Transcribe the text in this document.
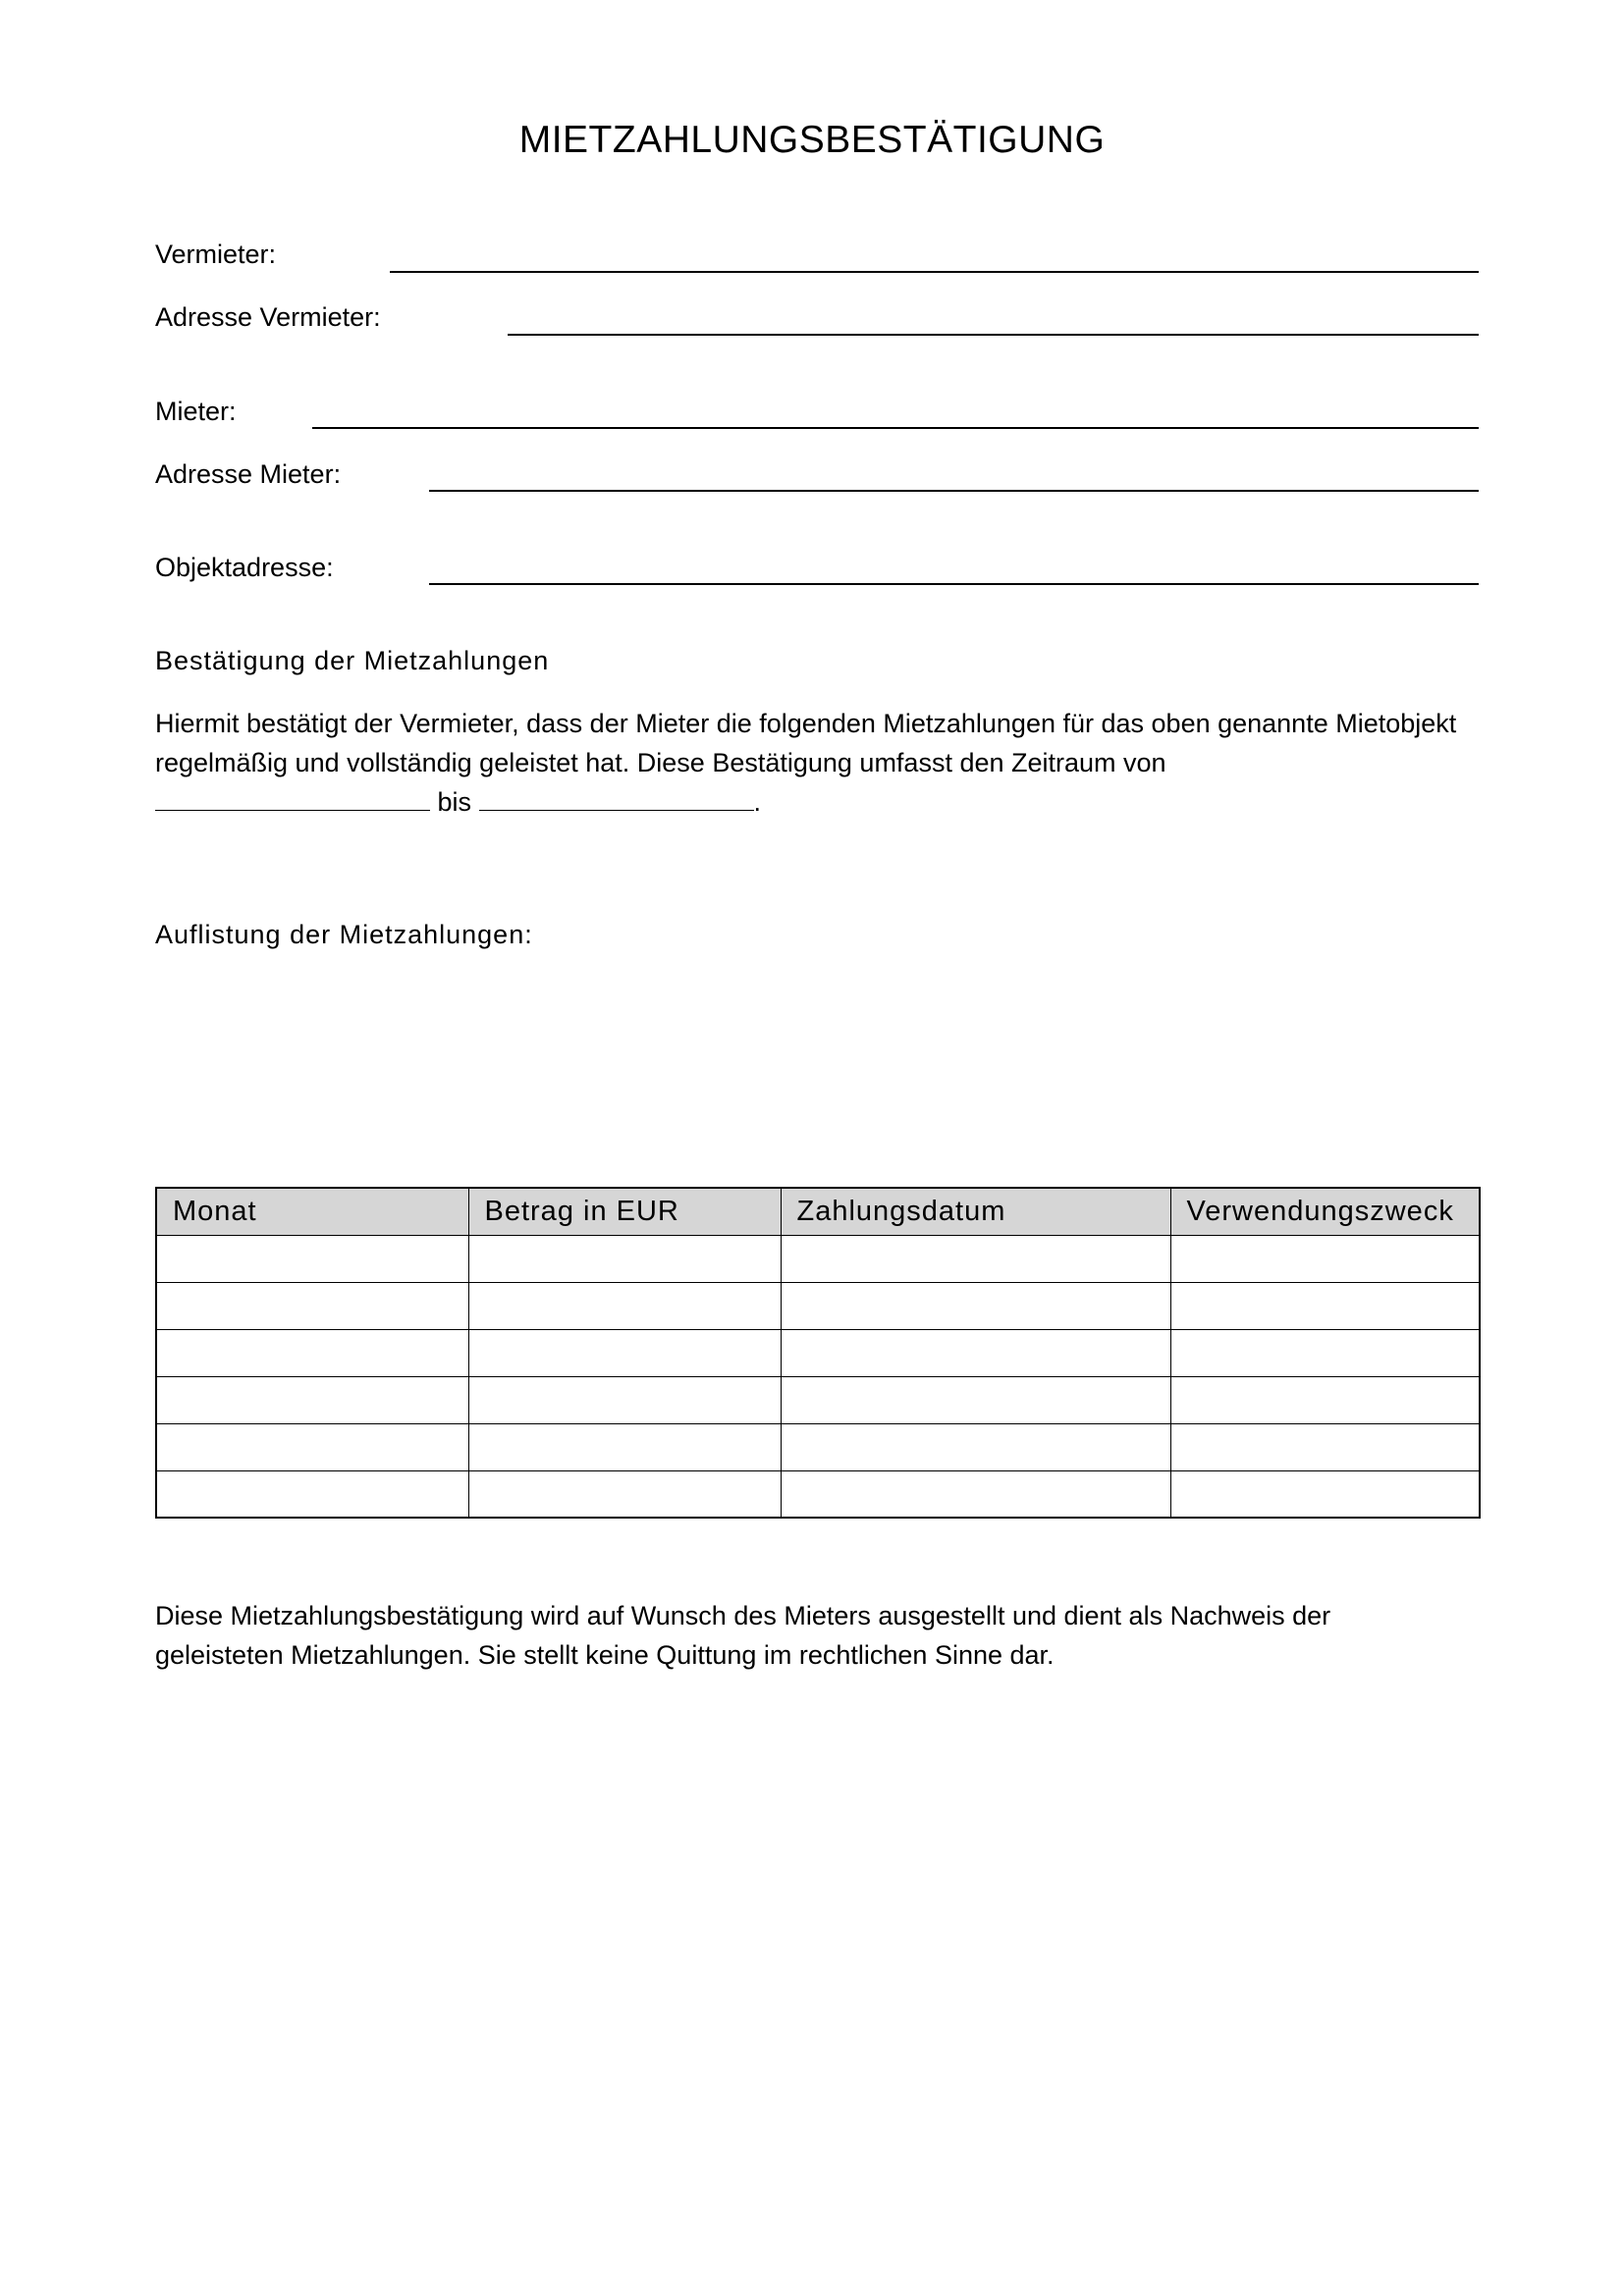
MIETZAHLUNGSBESTÄTIGUNG
Vermieter:
Adresse Vermieter:
Mieter:
Adresse Mieter:
Objektadresse:
Bestätigung der Mietzahlungen
Hiermit bestätigt der Vermieter, dass der Mieter die folgenden Mietzahlungen für das oben genannte Mietobjekt regelmäßig und vollständig geleistet hat. Diese Bestätigung umfasst den Zeitraum von
bis	.
Auflistung der Mietzahlungen:
Monat	Betrag in EUR	Zahlungsdatum	Verwendungszweck

Diese Mietzahlungsbestätigung wird auf Wunsch des Mieters ausgestellt und dient als Nachweis der
geleisteten Mietzahlungen. Sie stellt keine Quittung im rechtlichen Sinne dar.
